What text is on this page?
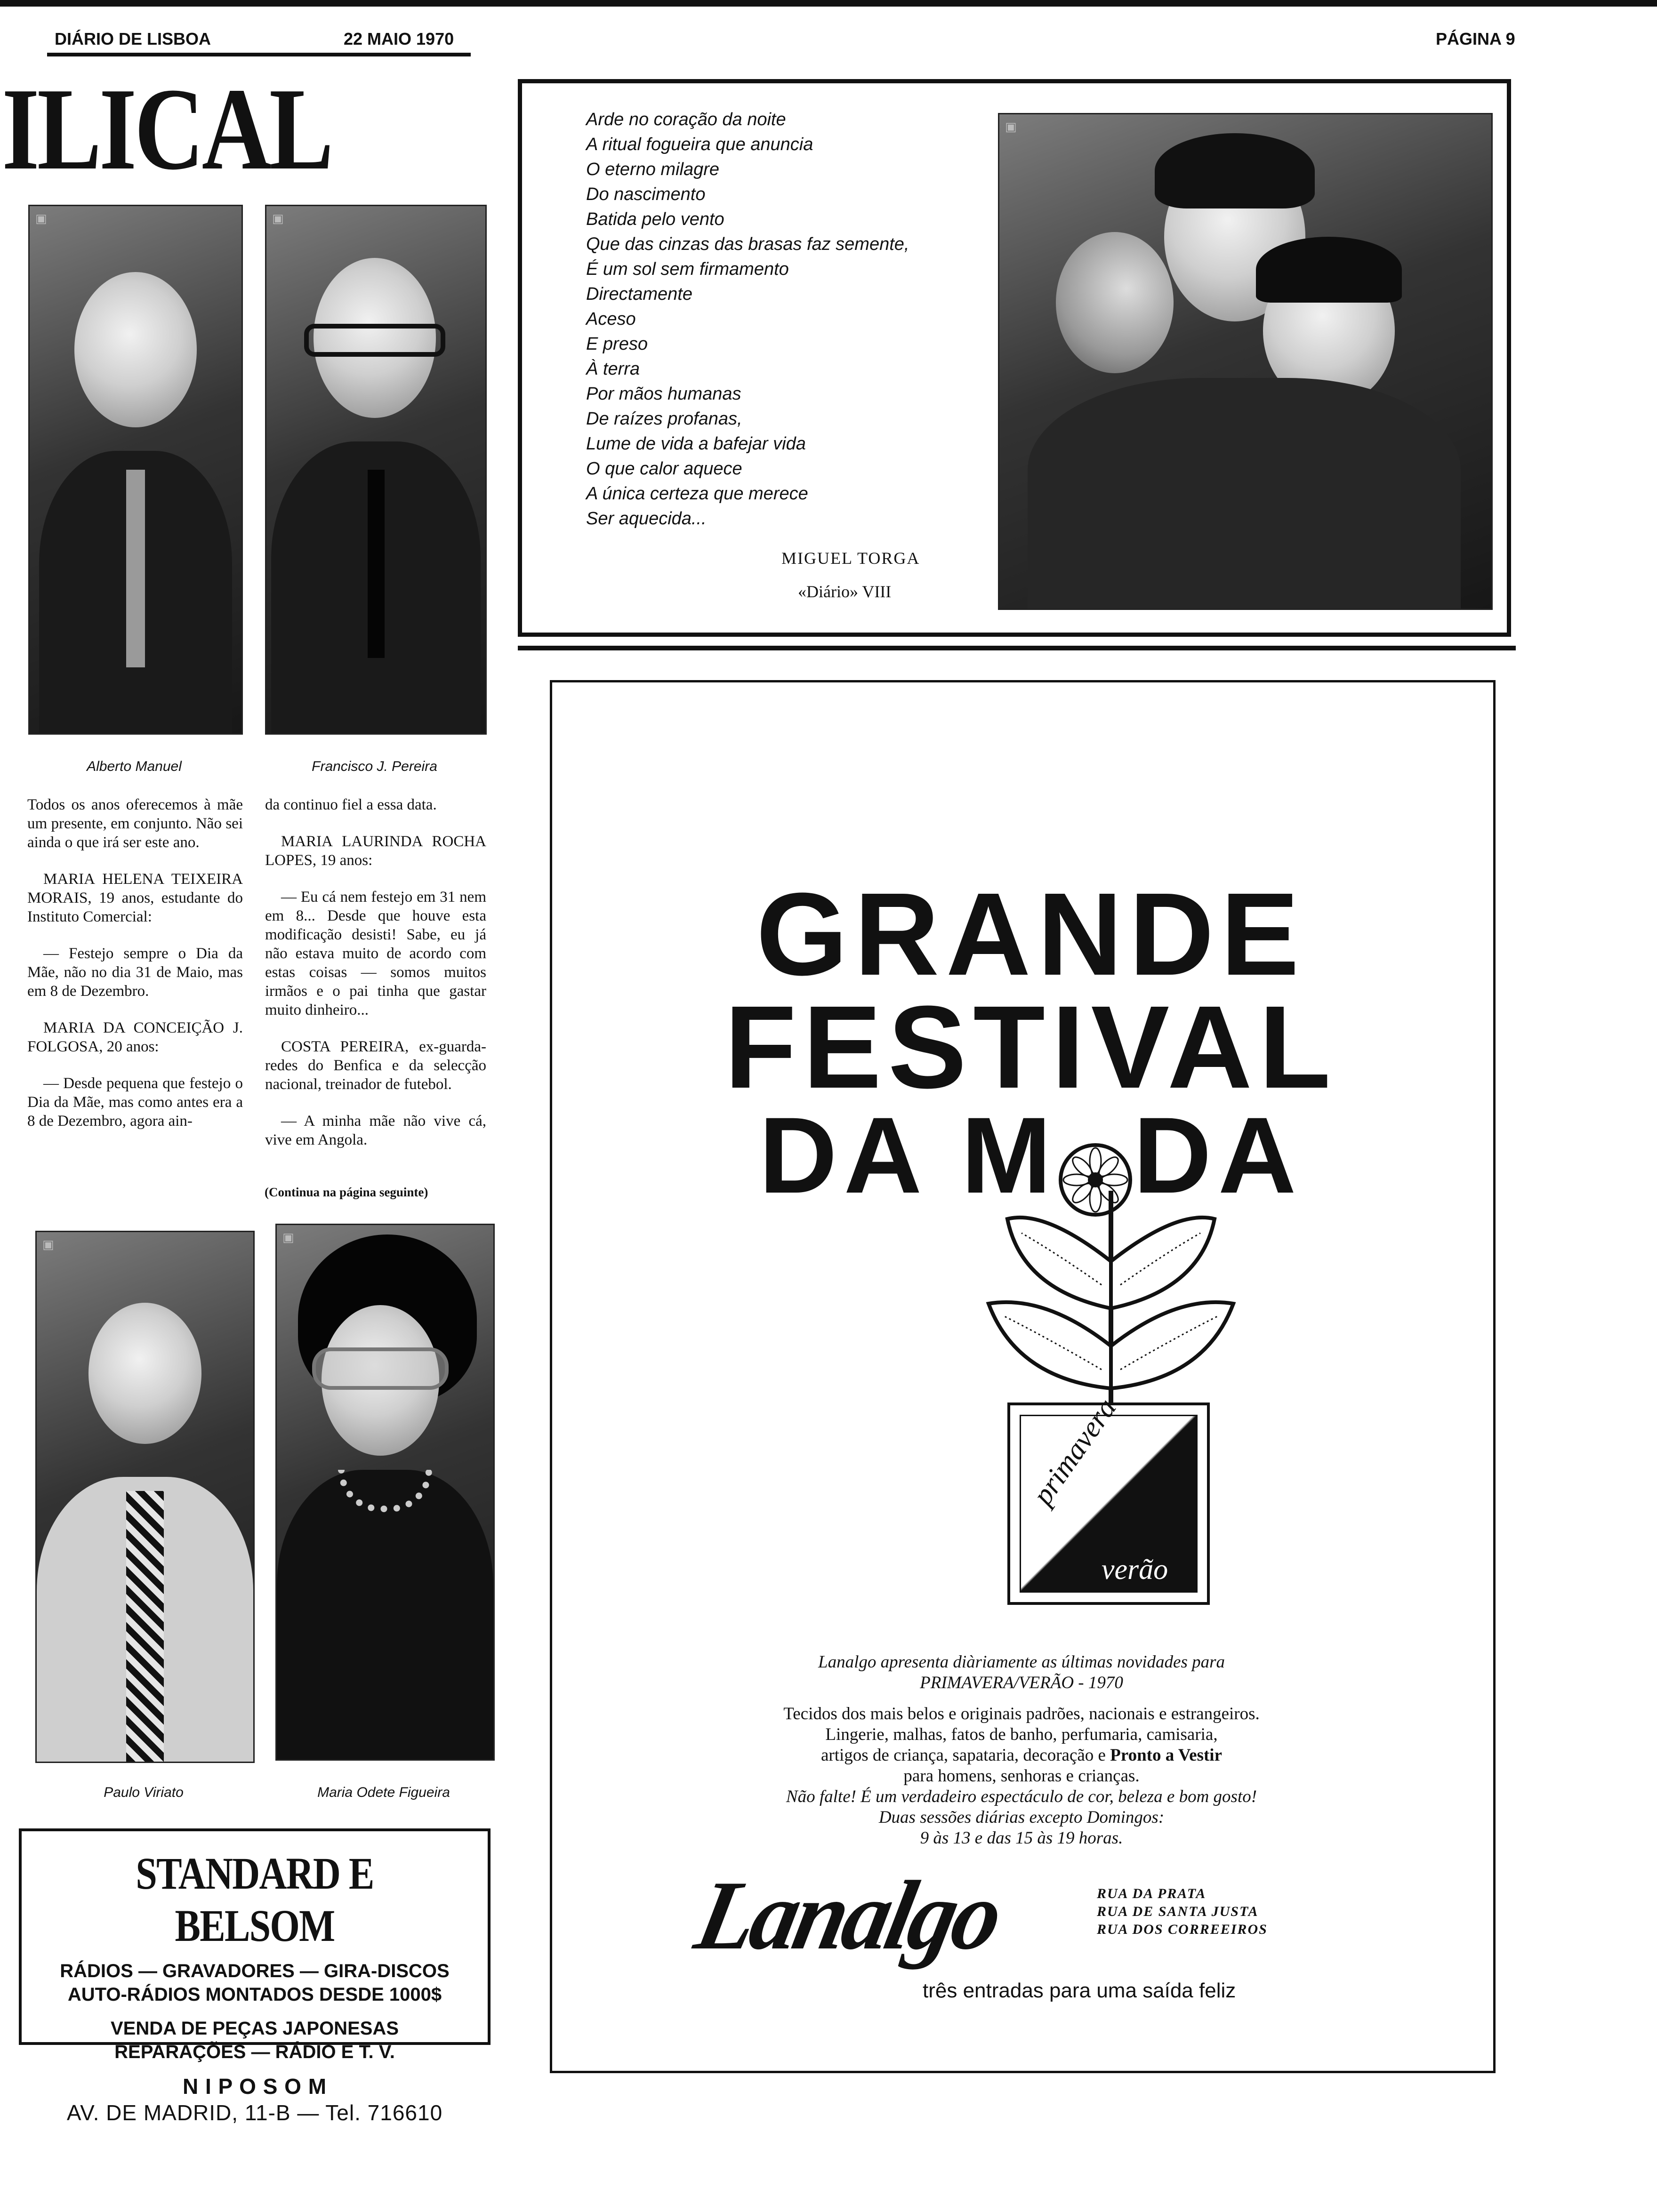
DIÁRIO DE LISBOA	22 MAIO 1970	PÁGINA 9
ILICAL
▣
Alberto Manuel
▣
Francisco J. Pereira

Todos os anos oferecemos à mãe um presente, em conjunto. Não sei ainda o que irá ser este ano.

MARIA HELENA TEIXEIRA MORAIS, 19 anos, estudante do Instituto Comercial:

— Festejo sempre o Dia da Mãe, não no dia 31 de Maio, mas em 8 de Dezembro.

MARIA DA CONCEIÇÃO J. FOLGOSA, 20 anos:

— Desde pequena que festejo o Dia da Mãe, mas como antes era a 8 de Dezembro, agora ain-

da continuo fiel a essa data.

MARIA LAURINDA ROCHA LOPES, 19 anos:

— Eu cá nem festejo em 31 nem em 8... Desde que houve esta modificação desisti! Sabe, eu já não estava muito de acordo com estas coisas — somos muitos irmãos e o pai tinha que gastar muito dinheiro...

COSTA PEREIRA, ex-guarda-redes do Benfica e da selecção nacional, treinador de futebol.

— A minha mãe não vive cá, vive em Angola.

(Continua na página seguinte)
▣
Paulo Viriato
▣
Maria Odete Figueira
STANDARD E BELSOM
RÁDIOS — GRAVADORES — GIRA-DISCOS
AUTO-RÁDIOS MONTADOS DESDE 1000$
VENDA DE PEÇAS JAPONESAS
REPARAÇÕES — RÁDIO E T. V.
N I P O S O M
AV. DE MADRID, 11-B — Tel. 716610
Arde no coração da noite
A ritual fogueira que anuncia
O eterno milagre
Do nascimento
Batida pelo vento
Que das cinzas das brasas faz semente,
É um sol sem firmamento
Directamente
Aceso
E preso
À terra
Por mãos humanas
De raízes profanas,
Lume de vida a bafejar vida
O que calor aquece
A única certeza que merece
Ser aquecida...
MIGUEL TORGA
«Diário» VIII
▣
GRANDE
FESTIVAL
DA M DA
primavera
verão
Lanalgo apresenta diàriamente as últimas novidades para
PRIMAVERA/VERÃO - 1970
Tecidos dos mais belos e originais padrões, nacionais e estrangeiros.
Lingerie, malhas, fatos de banho, perfumaria, camisaria,
artigos de criança, sapataria, decoração e Pronto a Vestir
para homens, senhoras e crianças.
Não falte! É um verdadeiro espectáculo de cor, beleza e bom gosto!
Duas sessões diárias excepto Domingos:
9 às 13 e das 15 às 19 horas.
Lanalgo	RUA DA PRATA
RUA DE SANTA JUSTA
RUA DOS CORREEIROS
três entradas para uma saída feliz
